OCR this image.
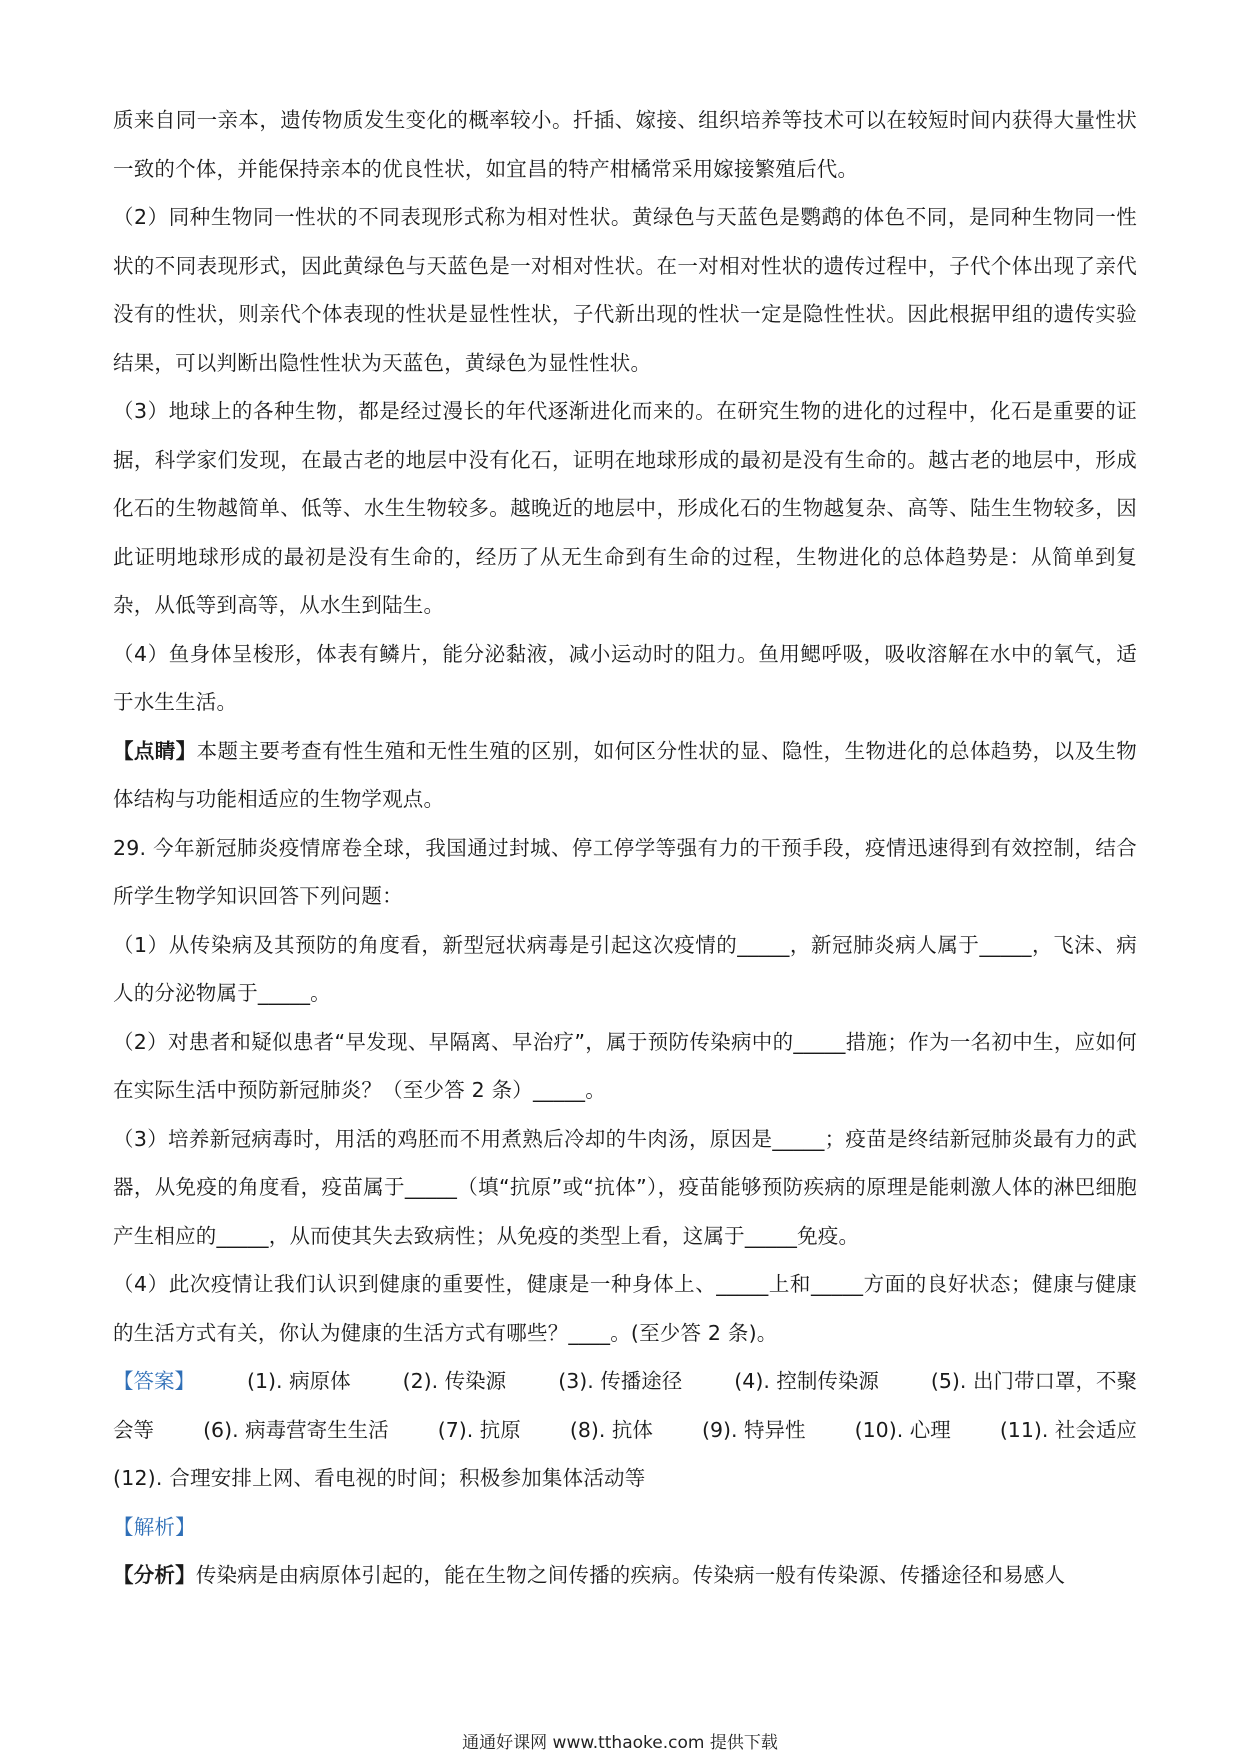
质来自同一亲本，遗传物质发生变化的概率较小。扦插、嫁接、组织培养等技术可以在较短时间内获得大量性状一致的个体，并能保持亲本的优良性状，如宜昌的特产柑橘常采用嫁接繁殖后代。

（2）同种生物同一性状的不同表现形式称为相对性状。黄绿色与天蓝色是鹦鹉的体色不同，是同种生物同一性状的不同表现形式，因此黄绿色与天蓝色是一对相对性状。在一对相对性状的遗传过程中，子代个体出现了亲代没有的性状，则亲代个体表现的性状是显性性状，子代新出现的性状一定是隐性性状。因此根据甲组的遗传实验结果，可以判断出隐性性状为天蓝色，黄绿色为显性性状。

（3）地球上的各种生物，都是经过漫长的年代逐渐进化而来的。在研究生物的进化的过程中，化石是重要的证据，科学家们发现，在最古老的地层中没有化石，证明在地球形成的最初是没有生命的。越古老的地层中，形成化石的生物越简单、低等、水生生物较多。越晚近的地层中，形成化石的生物越复杂、高等、陆生生物较多，因此证明地球形成的最初是没有生命的，经历了从无生命到有生命的过程，生物进化的总体趋势是：从简单到复杂，从低等到高等，从水生到陆生。

（4）鱼身体呈梭形，体表有鳞片，能分泌黏液，减小运动时的阻力。鱼用鳃呼吸，吸收溶解在水中的氧气，适于水生生活。

【点睛】本题主要考查有性生殖和无性生殖的区别，如何区分性状的显、隐性，生物进化的总体趋势，以及生物体结构与功能相适应的生物学观点。

29. 今年新冠肺炎疫情席卷全球，我国通过封城、停工停学等强有力的干预手段，疫情迅速得到有效控制，结合所学生物学知识回答下列问题：

（1）从传染病及其预防的角度看，新型冠状病毒是引起这次疫情的_____，新冠肺炎病人属于_____，飞沫、病人的分泌物属于_____。

（2）对患者和疑似患者“早发现、早隔离、早治疗”，属于预防传染病中的_____措施；作为一名初中生，应如何在实际生活中预防新冠肺炎？（至少答 2 条）_____。

（3）培养新冠病毒时，用活的鸡胚而不用煮熟后冷却的牛肉汤，原因是_____；疫苗是终结新冠肺炎最有力的武器，从免疫的角度看，疫苗属于_____（填“抗原”或“抗体”），疫苗能够预防疾病的原理是能刺激人体的淋巴细胞产生相应的_____，从而使其失去致病性；从免疫的类型上看，这属于_____免疫。

（4）此次疫情让我们认识到健康的重要性，健康是一种身体上、_____上和_____方面的良好状态；健康与健康的生活方式有关，你认为健康的生活方式有哪些？____。(至少答 2 条)。

【答案】	(1). 病原体	(2). 传染源	(3). 传播途径	(4). 控制传染源	(5). 出门带口罩，不聚
会等 (6). 病毒营寄生生活 (7). 抗原 (8). 抗体 (9). 特异性 (10). 心理 (11). 社会适应

(12). 合理安排上网、看电视的时间；积极参加集体活动等

【解析】

【分析】传染病是由病原体引起的，能在生物之间传播的疾病。传染病一般有传染源、传播途径和易感人

通通好课网 www.tthaoke.com 提供下载
